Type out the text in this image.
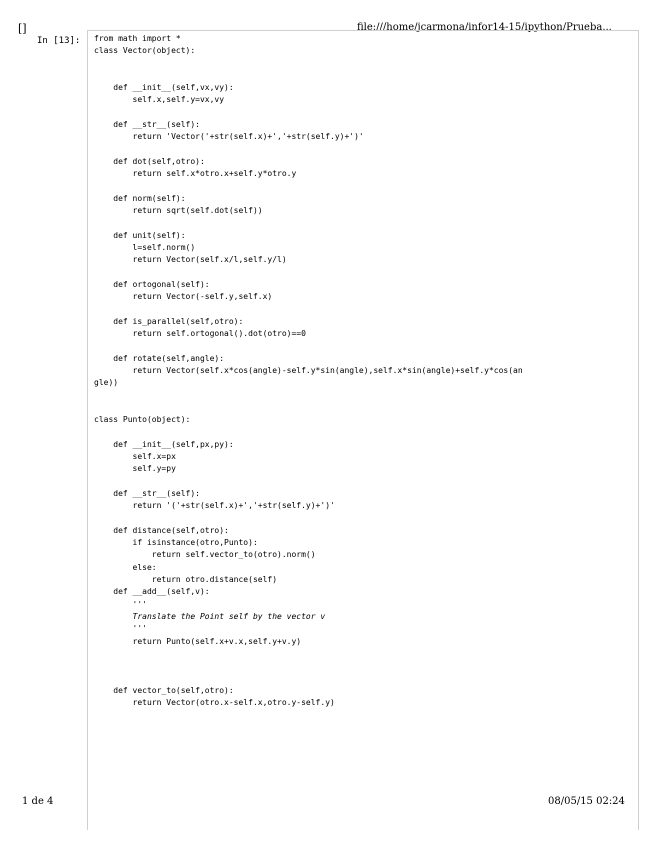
[]	file:///home/jcarmona/infor14-15/ipython/Prueba...
In [13]: from math import *
class Vector(object):

def __init__(self,vx,vy):
self.x,self.y=vx,vy

def __str__(self):
return 'Vector('+str(self.x)+','+str(self.y)+')'

def dot(self,otro):
return self.x*otro.x+self.y*otro.y

def norm(self):
return sqrt(self.dot(self))

def unit(self):
l=self.norm()
return Vector(self.x/l,self.y/l)

def ortogonal(self):
return Vector(-self.y,self.x)

def is_parallel(self,otro):
return self.ortogonal().dot(otro)==0

def rotate(self,angle):
return Vector(self.x*cos(angle)-self.y*sin(angle),self.x*sin(angle)+self.y*cos(an
gle))

class Punto(object):

def __init__(self,px,py):
self.x=px
self.y=py

def __str__(self):
return '('+str(self.x)+','+str(self.y)+')'

def distance(self,otro):
if isinstance(otro,Punto):
return self.vector_to(otro).norm()
else:
return otro.distance(self)
def __add__(self,v):
'''
Translate the Point self by the vector v
'''
return Punto(self.x+v.x,self.y+v.y)

def vector_to(self,otro):
return Vector(otro.x-self.x,otro.y-self.y)
1 de 4	08/05/15 02:24
